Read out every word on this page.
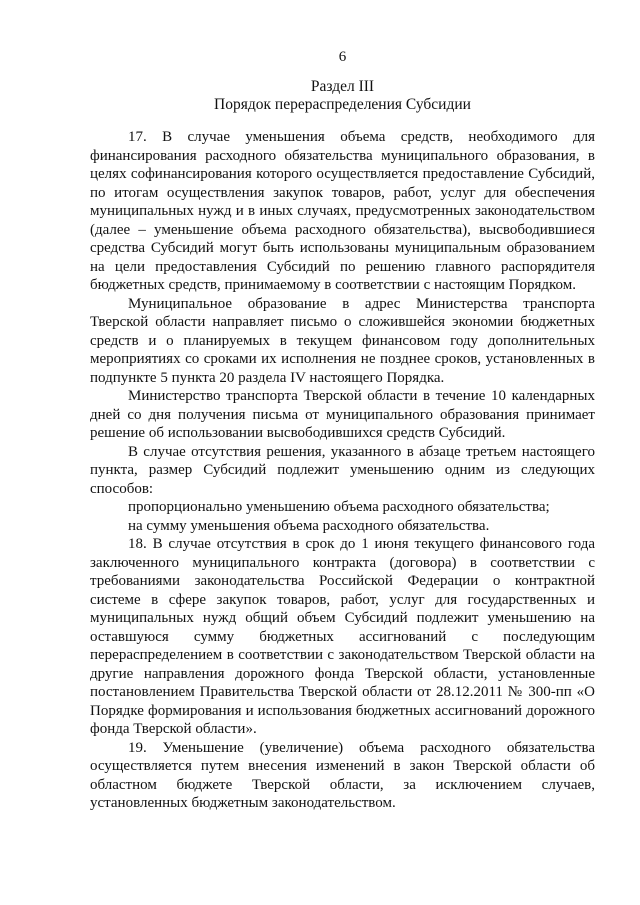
6
Раздел III
Порядок перераспределения Субсидии

17. В случае уменьшения объема средств, необходимого для финансирования расходного обязательства муниципального образования, в целях софинансирования которого осуществляется предоставление Субсидий, по итогам осуществления закупок товаров, работ, услуг для обеспечения муниципальных нужд и в иных случаях, предусмотренных законодательством (далее – уменьшение объема расходного обязательства), высвободившиеся средства Субсидий могут быть использованы муниципальным образованием на цели предоставления Субсидий по решению главного распорядителя бюджетных средств, принимаемому в соответствии с настоящим Порядком.

Муниципальное образование в адрес Министерства транспорта Тверской области направляет письмо о сложившейся экономии бюджетных средств и о планируемых в текущем финансовом году дополнительных мероприятиях со сроками их исполнения не позднее сроков, установленных в подпункте 5 пункта 20 раздела IV настоящего Порядка.

Министерство транспорта Тверской области в течение 10 календарных дней со дня получения письма от муниципального образования принимает решение об использовании высвободившихся средств Субсидий.

В случае отсутствия решения, указанного в абзаце третьем настоящего пункта, размер Субсидий подлежит уменьшению одним из следующих способов:

пропорционально уменьшению объема расходного обязательства;

на сумму уменьшения объема расходного обязательства.

18. В случае отсутствия в срок до 1 июня текущего финансового года заключенного муниципального контракта (договора) в соответствии с требованиями законодательства Российской Федерации о контрактной системе в сфере закупок товаров, работ, услуг для государственных и муниципальных нужд общий объем Субсидий подлежит уменьшению на оставшуюся сумму бюджетных ассигнований с последующим перераспределением в соответствии с законодательством Тверской области на другие направления дорожного фонда Тверской области, установленные постановлением Правительства Тверской области от 28.12.2011 № 300-пп «О Порядке формирования и использования бюджетных ассигнований дорожного фонда Тверской области».

19. Уменьшение (увеличение) объема расходного обязательства осуществляется путем внесения изменений в закон Тверской области об областном бюджете Тверской области, за исключением случаев, установленных бюджетным законодательством.
